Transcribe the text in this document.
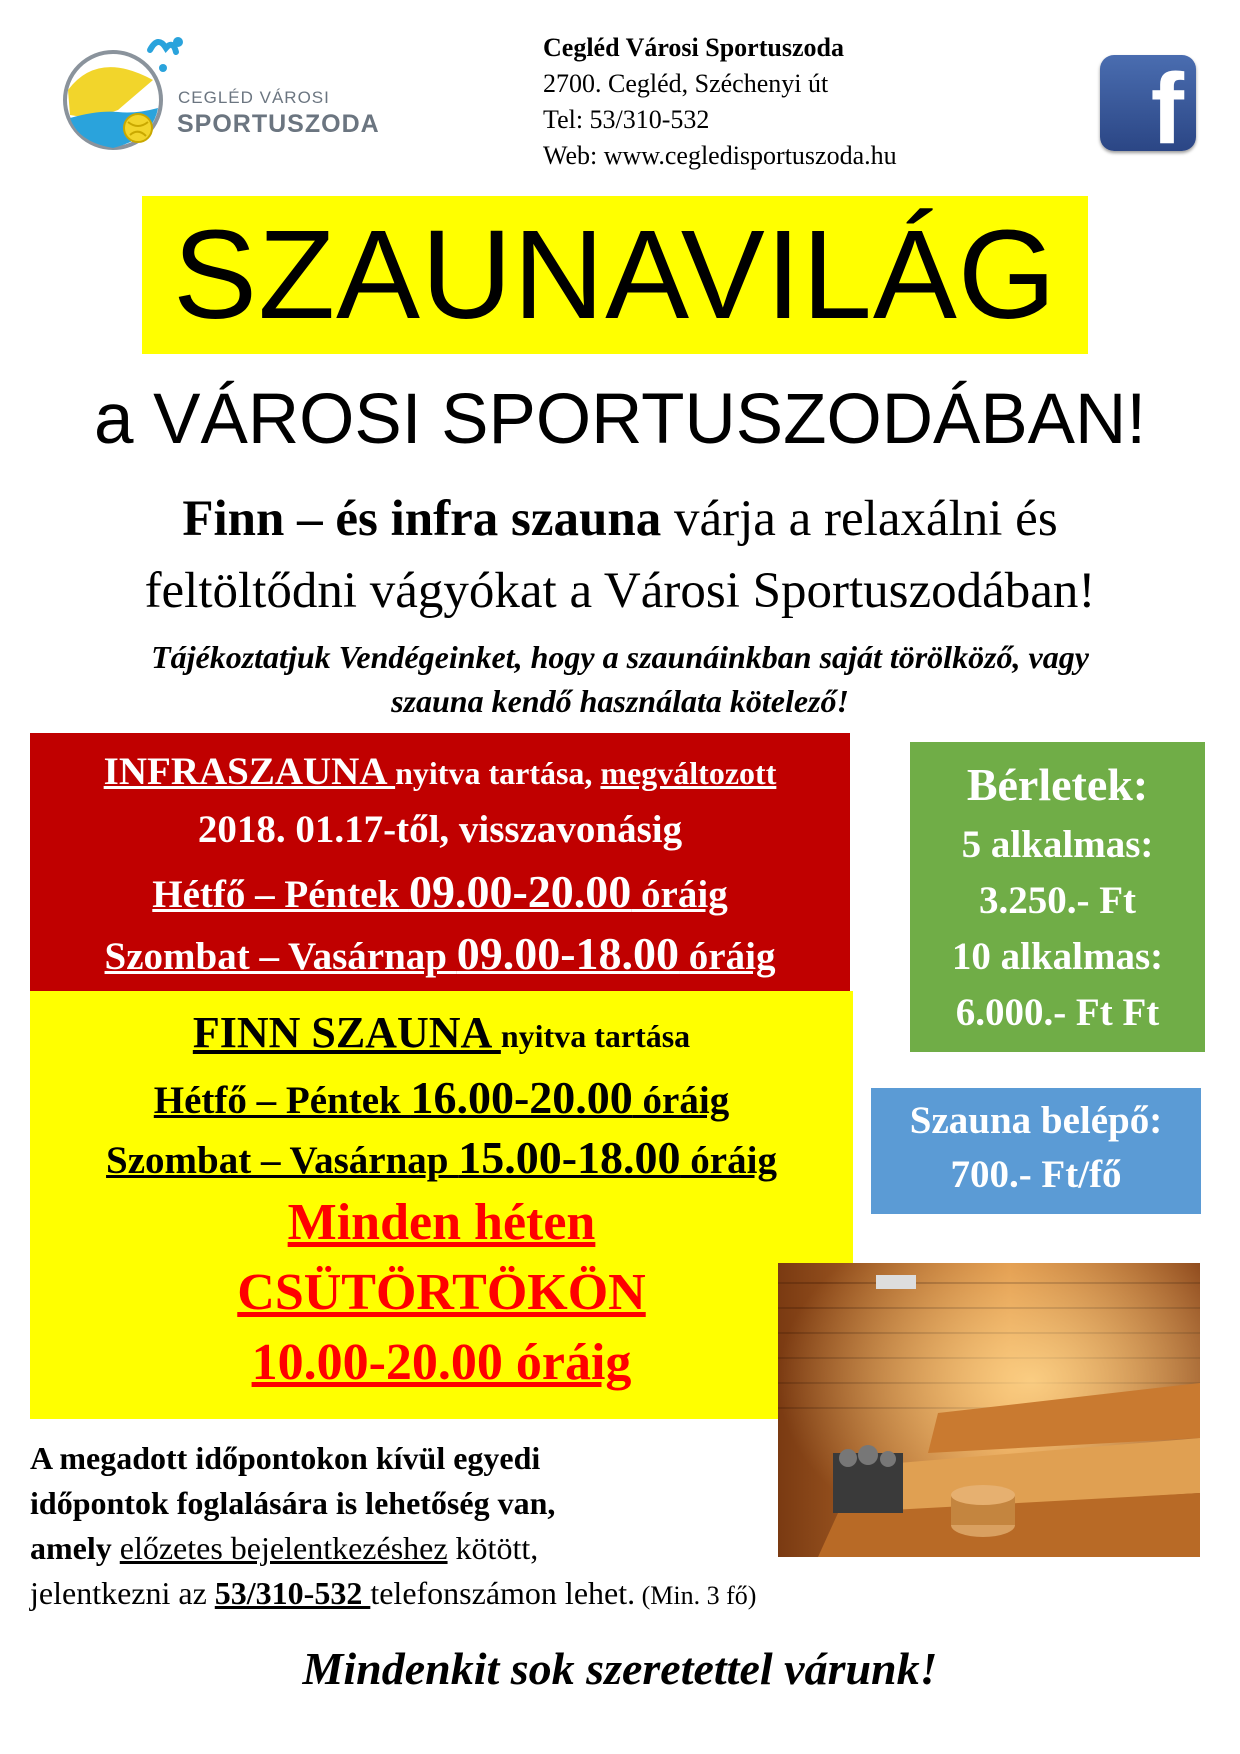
CEGLÉD VÁROSI
SPORTUSZODA
Cegléd Városi Sportuszoda
2700. Cegléd, Széchenyi út
Tel: 53/310-532
Web: www.cegledisportuszoda.hu	f
SZAUNAVILÁG
a VÁROSI SPORTUSZODÁBAN!
Finn – és infra szauna várja a relaxálni és
feltöltődni vágyókat a Városi Sportuszodában!
Tájékoztatjuk Vendégeinket, hogy a szaunáinkban saját törölköző, vagy
szauna kendő használata kötelező!
INFRASZAUNA nyitva tartása, megváltozott
2018. 01.17-től, visszavonásig
Hétfő – Péntek 09.00-20.00 óráig
Szombat – Vasárnap 09.00-18.00 óráig
FINN SZAUNA nyitva tartása
Hétfő – Péntek 16.00-20.00 óráig
Szombat – Vasárnap 15.00-18.00 óráig
Minden héten
CSÜTÖRTÖKÖN
10.00-20.00 óráig
Bérletek:
5 alkalmas:
3.250.- Ft
10 alkalmas:
6.000.- Ft Ft
Szauna belépő:
700.- Ft/fő
A megadott időpontokon kívül egyedi
időpontok foglalására is lehetőség van,
amely előzetes bejelentkezéshez kötött,
jelentkezni az 53/310-532 telefonszámon lehet. (Min. 3 fő)
Mindenkit sok szeretettel várunk!
